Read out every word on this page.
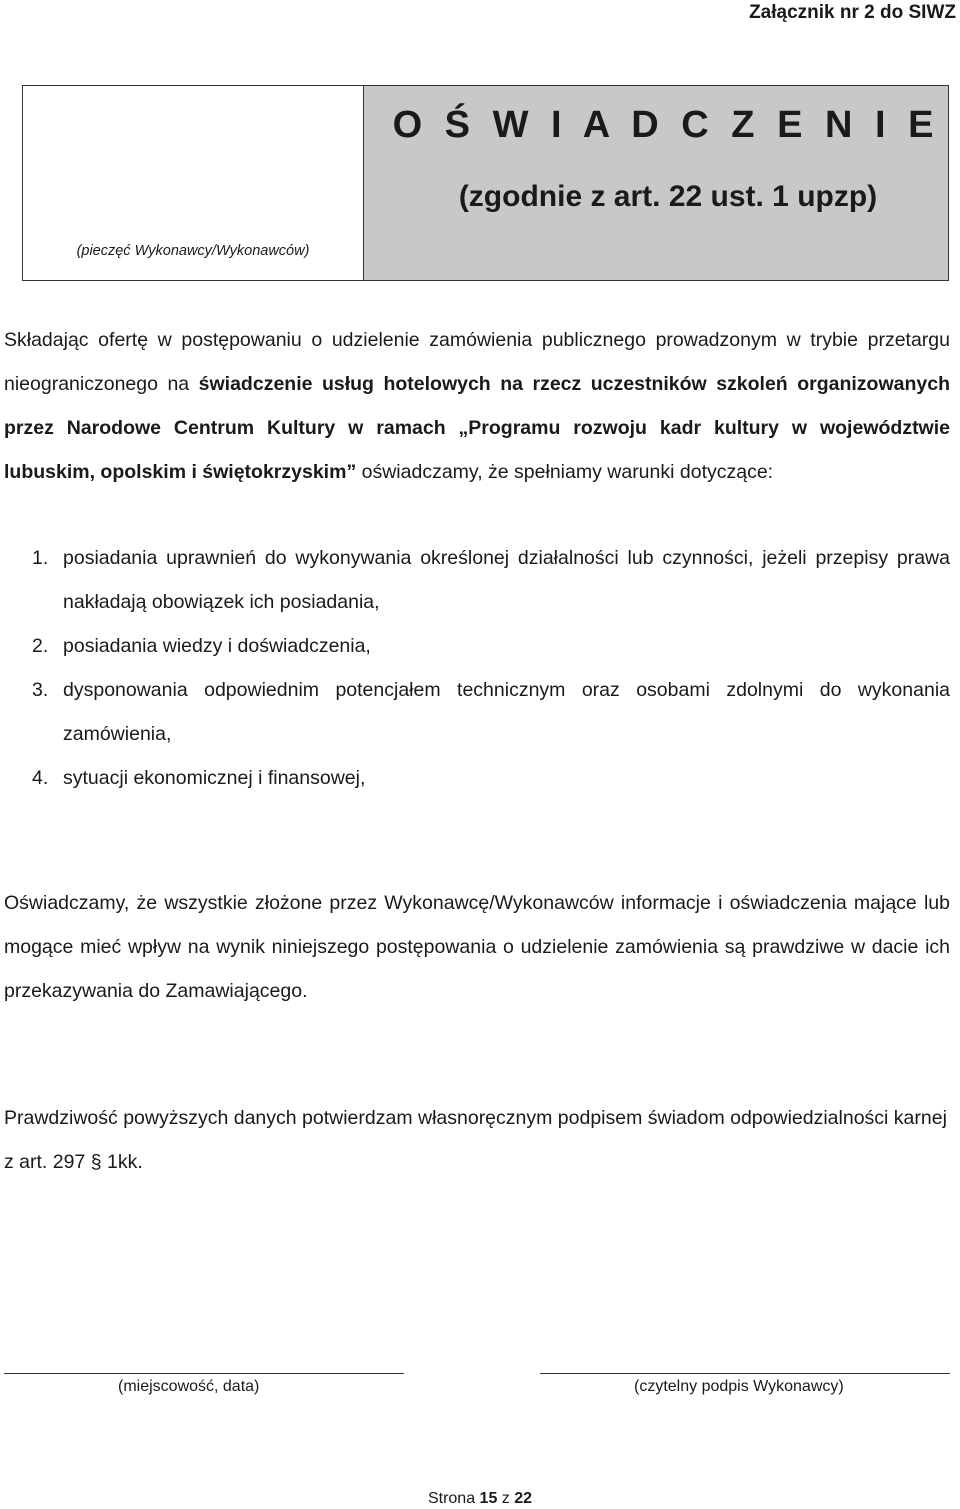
Załącznik nr 2 do SIWZ
(pieczęć Wykonawcy/Wykonawców)
O Ś W I A D C Z E N I E
(zgodnie z art. 22 ust. 1 upzp)
Składając ofertę w postępowaniu o udzielenie zamówienia publicznego prowadzonym w trybie przetargu nieograniczonego na świadczenie usług hotelowych na rzecz uczestników szkoleń organizowanych przez Narodowe Centrum Kultury w ramach „Programu rozwoju kadr kultury w województwie lubuskim, opolskim i świętokrzyskim” oświadczamy, że spełniamy warunki dotyczące:
1. posiadania uprawnień do wykonywania określonej działalności lub czynności, jeżeli przepisy prawa nakładają obowiązek ich posiadania,
2. posiadania wiedzy i doświadczenia,
3. dysponowania odpowiednim potencjałem technicznym oraz osobami zdolnymi do wykonania zamówienia,
4. sytuacji ekonomicznej i finansowej,
Oświadczamy, że wszystkie złożone przez Wykonawcę/Wykonawców informacje i oświadczenia mające lub mogące mieć wpływ na wynik niniejszego postępowania o udzielenie zamówienia są prawdziwe w dacie ich przekazywania do Zamawiającego.
Prawdziwość powyższych danych potwierdzam własnoręcznym podpisem świadom odpowiedzialności karnej z art. 297 § 1kk.
(miejscowość, data)	(czytelny podpis Wykonawcy)
Strona 15 z 22
